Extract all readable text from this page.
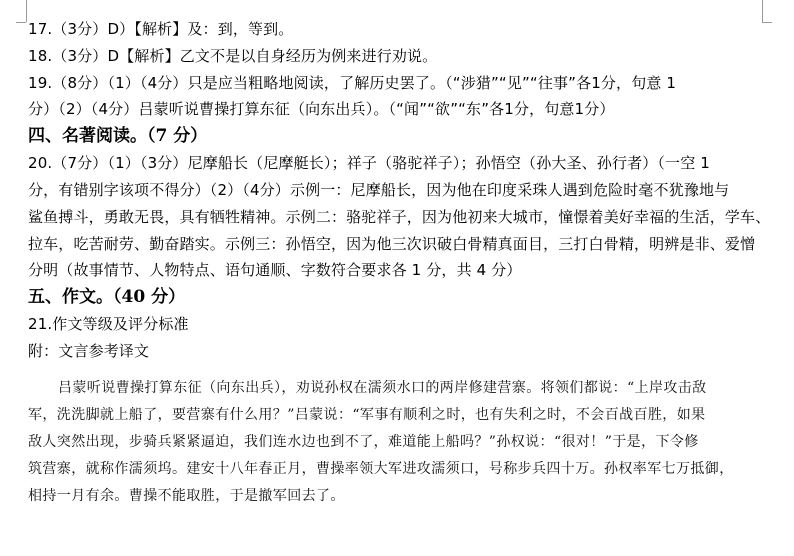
17.（3分）D）【解析】及：到，等到。
18.（3分）D【解析】乙文不是以自身经历为例来进行劝说。
19.（8分）（1）（4分）只是应当粗略地阅读，了解历史罢了。（“涉猎”“见”“往事”各1分，句意 1
分）（2）（4分）吕蒙听说曹操打算东征（向东出兵）。（“闻”“欲”“东”各1分，句意1分）
四、名著阅读。（7 分）
20.（7分）（1）（3分）尼摩船长（尼摩艇长）；祥子（骆驼祥子）；孙悟空（孙大圣、孙行者）（一空 1
分，有错别字该项不得分）（2）（4分）示例一：尼摩船长，因为他在印度采珠人遇到危险时毫不犹豫地与
鲨鱼搏斗，勇敢无畏，具有牺牲精神。示例二：骆驼祥子，因为他初来大城市，憧憬着美好幸福的生活，学车、
拉车，吃苦耐劳、勤奋踏实。示例三：孙悟空，因为他三次识破白骨精真面目，三打白骨精，明辨是非、爱憎
分明（故事情节、人物特点、语句通顺、字数符合要求各 1 分，共 4 分）
五、作文。（40 分）
21.作文等级及评分标准
附：文言参考译文
吕蒙听说曹操打算东征（向东出兵），劝说孙权在濡须水口的两岸修建营寨。将领们都说：“上岸攻击敌
军，洗洗脚就上船了，要营寨有什么用？”吕蒙说：“军事有顺利之时，也有失利之时，不会百战百胜，如果
敌人突然出现，步骑兵紧紧逼迫，我们连水边也到不了，难道能上船吗？”孙权说：“很对！”于是，下令修
筑营寨，就称作濡须坞。建安十八年春正月，曹操率领大军进攻濡须口，号称步兵四十万。孙权率军七万抵御，
相持一月有余。曹操不能取胜，于是撤军回去了。
